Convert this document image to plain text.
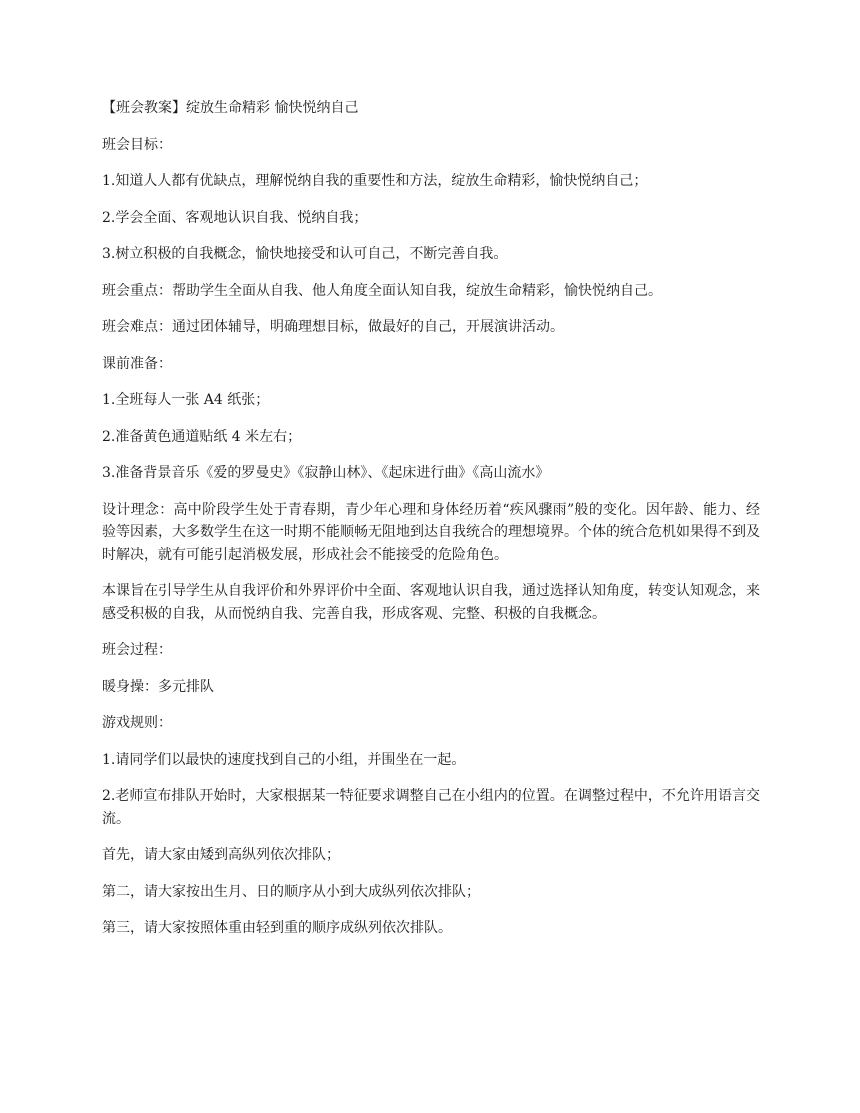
【班会教案】绽放生命精彩 愉快悦纳自己

班会目标：

1.知道人人都有优缺点，理解悦纳自我的重要性和方法，绽放生命精彩，愉快悦纳自己；

2.学会全面、客观地认识自我、悦纳自我；

3.树立积极的自我概念，愉快地接受和认可自己，不断完善自我。

班会重点：帮助学生全面从自我、他人角度全面认知自我，绽放生命精彩，愉快悦纳自己。

班会难点：通过团体辅导，明确理想目标，做最好的自己，开展演讲活动。

课前准备：

1.全班每人一张 A4 纸张；

2.准备黄色通道贴纸 4 米左右；

3.准备背景音乐《爱的罗曼史》《寂静山林》、《起床进行曲》《高山流水》

设计理念：高中阶段学生处于青春期，青少年心理和身体经历着“疾风骤雨”般的变化。因年龄、能力、经验等因素，大多数学生在这一时期不能顺畅无阻地到达自我统合的理想境界。个体的统合危机如果得不到及时解决，就有可能引起消极发展，形成社会不能接受的危险角色。

本课旨在引导学生从自我评价和外界评价中全面、客观地认识自我，通过选择认知角度，转变认知观念，来感受积极的自我，从而悦纳自我、完善自我，形成客观、完整、积极的自我概念。

班会过程：

暖身操：多元排队

游戏规则：

1.请同学们以最快的速度找到自己的小组，并围坐在一起。

2.老师宣布排队开始时，大家根据某一特征要求调整自己在小组内的位置。在调整过程中，不允许用语言交流。

首先，请大家由矮到高纵列依次排队；

第二，请大家按出生月、日的顺序从小到大成纵列依次排队；

第三，请大家按照体重由轻到重的顺序成纵列依次排队。
